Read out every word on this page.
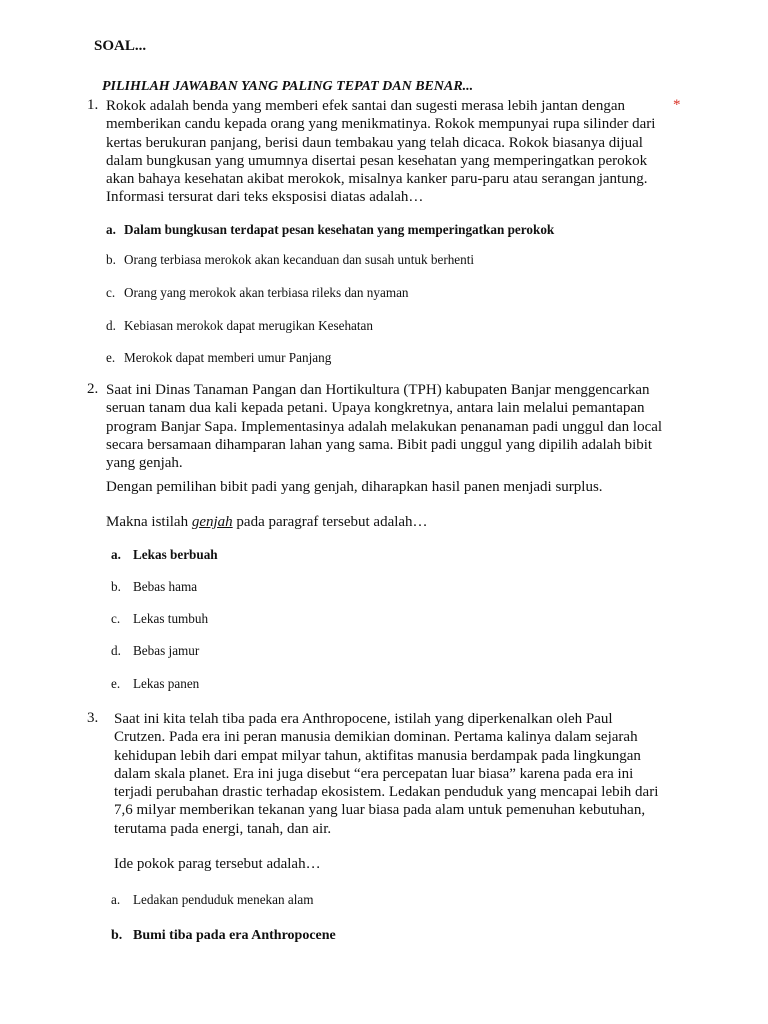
SOAL...
PILIHLAH JAWABAN YANG PALING TEPAT DAN BENAR...
1. Rokok adalah benda yang memberi efek santai dan sugesti merasa lebih jantan dengan
memberikan candu kepada orang yang menikmatinya. Rokok mempunyai rupa silinder dari
kertas berukuran panjang, berisi daun tembakau yang telah dicaca. Rokok biasanya dijual
dalam bungkusan yang umumnya disertai pesan kesehatan yang memperingatkan perokok
akan bahaya kesehatan akibat merokok, misalnya kanker paru-paru atau serangan jantung.
Informasi tersurat dari teks eksposisi diatas adalah…
*
a. Dalam bungkusan terdapat pesan kesehatan yang memperingatkan perokok
b. Orang terbiasa merokok akan kecanduan dan susah untuk berhenti
c. Orang yang merokok akan terbiasa rileks dan nyaman
d. Kebiasan merokok dapat merugikan Kesehatan
e. Merokok dapat memberi umur Panjang
2. Saat ini Dinas Tanaman Pangan dan Hortikultura (TPH) kabupaten Banjar menggencarkan
seruan tanam dua kali kepada petani. Upaya kongkretnya, antara lain melalui pemantapan
program Banjar Sapa. Implementasinya adalah melakukan penanaman padi unggul dan local
secara bersamaan dihamparan lahan yang sama. Bibit padi unggul yang dipilih adalah bibit
yang genjah.
Dengan pemilihan bibit padi yang genjah, diharapkan hasil panen menjadi surplus.
Makna istilah genjah pada paragraf tersebut adalah…
a. Lekas berbuah
b. Bebas hama
c. Lekas tumbuh
d. Bebas jamur
e. Lekas panen
3. Saat ini kita telah tiba pada era Anthropocene, istilah yang diperkenalkan oleh Paul
Crutzen. Pada era ini peran manusia demikian dominan. Pertama kalinya dalam sejarah
kehidupan lebih dari empat milyar tahun, aktifitas manusia berdampak pada lingkungan
dalam skala planet. Era ini juga disebut “era percepatan luar biasa” karena pada era ini
terjadi perubahan drastic terhadap ekosistem. Ledakan penduduk yang mencapai lebih dari
7,6 milyar memberikan tekanan yang luar biasa pada alam untuk pemenuhan kebutuhan,
terutama pada energi, tanah, dan air.
Ide pokok parag tersebut adalah…
a. Ledakan penduduk menekan alam
b. Bumi tiba pada era Anthropocene
